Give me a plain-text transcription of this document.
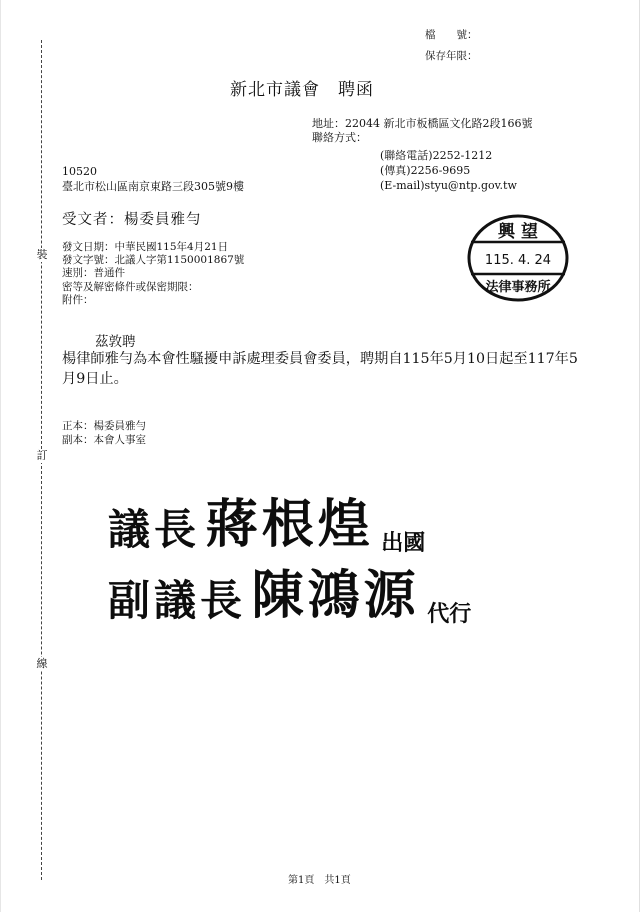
裝
訂
線
檔　　號：
保存年限：
新北市議會　聘函
地址：22044 新北市板橋區文化路2段166號
聯絡方式：
(聯絡電話)2252-1212
(傳真)2256-9695
(E-mail)styu@ntp.gov.tw
10520
臺北市松山區南京東路三段305號9樓
受文者：楊委員雅勻
發文日期：中華民國115年4月21日
發文字號：北議人字第1150001867號
速別：普通件
密等及解密條件或保密期限：
附件：
興 望
115. 4. 24
法律事務所
茲敦聘
楊律師雅勻為本會性騷擾申訴處理委員會委員，聘期自115年5月10日起至117年5月9日止。
正本：楊委員雅勻
副本：本會人事室
議長 蔣根煌 出國
副議長 陳鴻源 代行
第1頁　共1頁
